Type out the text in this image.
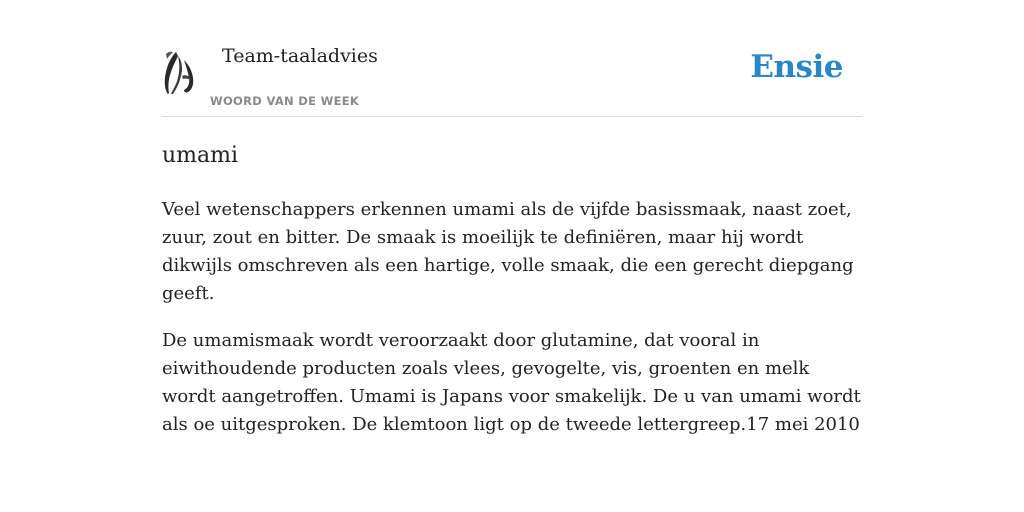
Team-taaladvies
WOORD VAN DE WEEK
Ensie
umami

Veel wetenschappers erkennen umami als de vijfde basissmaak, naast zoet, zuur, zout en bitter. De smaak is moeilijk te definiëren, maar hij wordt dikwijls omschreven als een hartige, volle smaak, die een gerecht diepgang geeft.

De umamismaak wordt veroorzaakt door glutamine, dat vooral in eiwithoudende producten zoals vlees, gevogelte, vis, groenten en melk wordt aangetroffen. Umami is Japans voor smakelijk. De u van umami wordt als oe uitgesproken. De klemtoon ligt op de tweede lettergreep.17 mei 2010
